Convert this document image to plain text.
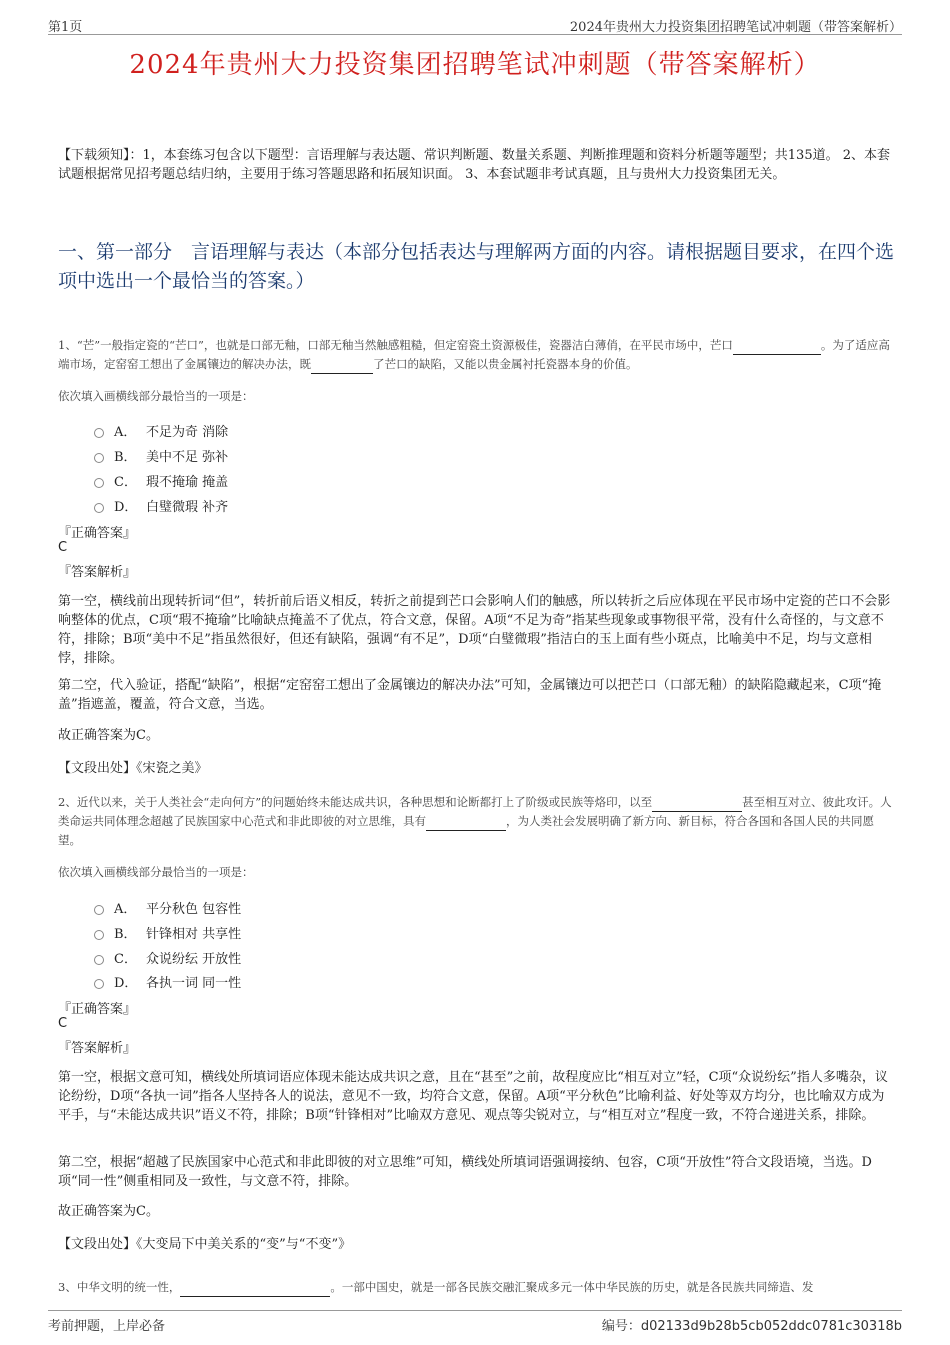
第1页	2024年贵州大力投资集团招聘笔试冲刺题（带答案解析）
2024年贵州大力投资集团招聘笔试冲刺题（带答案解析）
【下载须知】：1，本套练习包含以下题型：言语理解与表达题、常识判断题、数量关系题、判断推理题和资料分析题等题型；共135道。 2、本套试题根据常见招考题总结归纳，主要用于练习答题思路和拓展知识面。 3、本套试题非考试真题，且与贵州大力投资集团无关。
一、第一部分　言语理解与表达（本部分包括表达与理解两方面的内容。请根据题目要求，在四个选项中选出一个最恰当的答案。）
1、“芒”一般指定瓷的“芒口”，也就是口部无釉，口部无釉当然触感粗糙，但定窑瓷土资源极佳，瓷器洁白薄俏，在平民市场中，芒口	。为了适应高端市场，定窑窑工想出了金属镶边的解决办法，既	了芒口的缺陷，又能以贵金属衬托瓷器本身的价值。
依次填入画横线部分最恰当的一项是：
A． 不足为奇 消除
B． 美中不足 弥补
C． 瑕不掩瑜 掩盖
D． 白璧微瑕 补齐
『正确答案』
C
『答案解析』
第一空，横线前出现转折词“但”，转折前后语义相反，转折之前提到芒口会影响人们的触感，所以转折之后应体现在平民市场中定瓷的芒口不会影响整体的优点，C项“瑕不掩瑜”比喻缺点掩盖不了优点，符合文意，保留。A项“不足为奇”指某些现象或事物很平常，没有什么奇怪的，与文意不符，排除；B项“美中不足”指虽然很好，但还有缺陷，强调“有不足”，D项“白璧微瑕”指洁白的玉上面有些小斑点，比喻美中不足，均与文意相悖，排除。
第二空，代入验证，搭配“缺陷”，根据“定窑窑工想出了金属镶边的解决办法”可知，金属镶边可以把芒口（口部无釉）的缺陷隐藏起来，C项“掩盖”指遮盖，覆盖，符合文意，当选。
故正确答案为C。
【文段出处】《宋瓷之美》
2、近代以来，关于人类社会“走向何方”的问题始终未能达成共识，各种思想和论断都打上了阶级或民族等烙印，以至	甚至相互对立、彼此攻讦。人类命运共同体理念超越了民族国家中心范式和非此即彼的对立思维，具有	，为人类社会发展明确了新方向、新目标，符合各国和各国人民的共同愿望。
依次填入画横线部分最恰当的一项是：
A． 平分秋色 包容性
B． 针锋相对 共享性
C． 众说纷纭 开放性
D． 各执一词 同一性
『正确答案』
C
『答案解析』
第一空，根据文意可知，横线处所填词语应体现未能达成共识之意，且在“甚至”之前，故程度应比“相互对立”轻，C项“众说纷纭”指人多嘴杂，议论纷纷，D项“各执一词”指各人坚持各人的说法，意见不一致，均符合文意，保留。A项“平分秋色”比喻利益、好处等双方均分，也比喻双方成为平手，与“未能达成共识”语义不符，排除；B项“针锋相对”比喻双方意见、观点等尖锐对立，与“相互对立”程度一致，不符合递进关系，排除。
第二空，根据“超越了民族国家中心范式和非此即彼的对立思维”可知，横线处所填词语强调接纳、包容，C项“开放性”符合文段语境，当选。D项“同一性”侧重相同及一致性，与文意不符，排除。
故正确答案为C。
【文段出处】《大变局下中美关系的“变”与“不变”》
3、中华文明的统一性，	。一部中国史，就是一部各民族交融汇聚成多元一体中华民族的历史，就是各民族共同缔造、发
考前押题，上岸必备	编号：d02133d9b28b5cb052ddc0781c30318b
